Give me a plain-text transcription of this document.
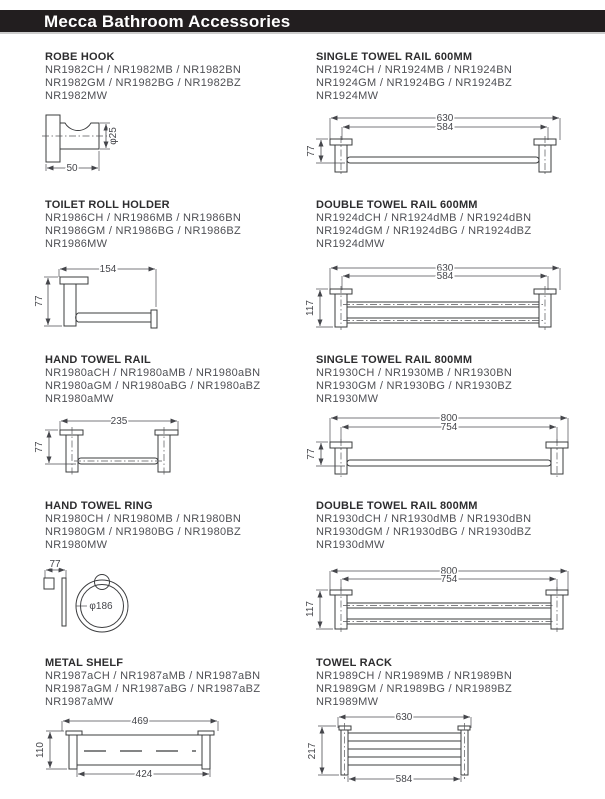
Mecca Bathroom Accessories
ROBE HOOK
NR1982CH / NR1982MB / NR1982BN
NR1982GM / NR1982BG / NR1982BZ
NR1982MW
SINGLE TOWEL RAIL 600MM
NR1924CH / NR1924MB / NR1924BN
NR1924GM / NR1924BG / NR1924BZ
NR1924MW
TOILET ROLL HOLDER
NR1986CH / NR1986MB / NR1986BN
NR1986GM / NR1986BG / NR1986BZ
NR1986MW
DOUBLE TOWEL RAIL 600MM
NR1924dCH / NR1924dMB / NR1924dBN
NR1924dGM / NR1924dBG / NR1924dBZ
NR1924dMW
HAND TOWEL RAIL
NR1980aCH / NR1980aMB / NR1980aBN
NR1980aGM / NR1980aBG / NR1980aBZ
NR1980aMW
SINGLE TOWEL RAIL 800MM
NR1930CH / NR1930MB / NR1930BN
NR1930GM / NR1930BG / NR1930BZ
NR1930MW
HAND TOWEL RING
NR1980CH / NR1980MB / NR1980BN
NR1980GM / NR1980BG / NR1980BZ
NR1980MW
DOUBLE TOWEL RAIL 800MM
NR1930dCH / NR1930dMB / NR1930dBN
NR1930dGM / NR1930dBG / NR1930dBZ
NR1930dMW
METAL SHELF
NR1987aCH / NR1987aMB / NR1987aBN
NR1987aGM / NR1987aBG / NR1987aBZ
NR1987aMW
TOWEL RACK
NR1989CH / NR1989MB / NR1989BN
NR1989GM / NR1989BG / NR1989BZ
NR1989MW
φ25
50
630
584
77
154
77
630
584
117
235
77
800
754
77
77
φ186
800
754
117
469
424
110
630
217
584
